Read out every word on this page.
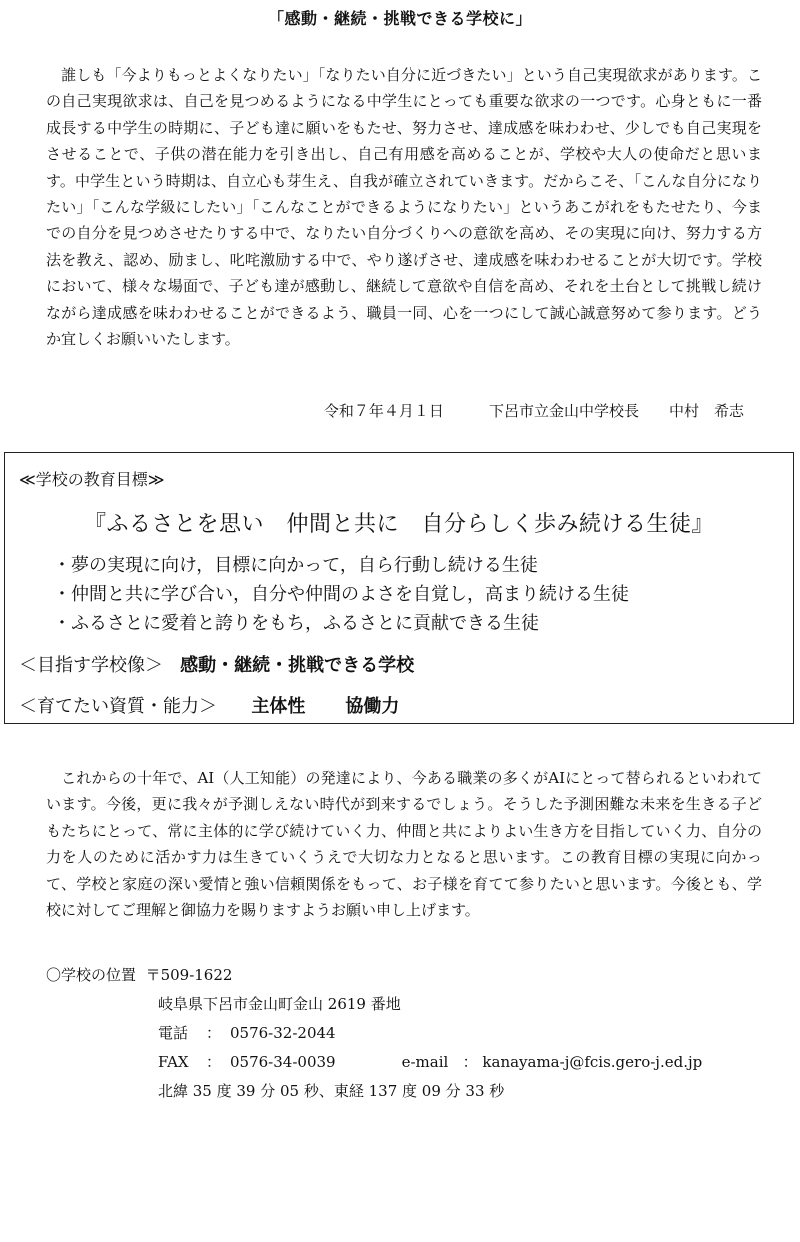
「感動・継続・挑戦できる学校に」
　誰しも「今よりもっとよくなりたい」「なりたい自分に近づきたい」という自己実現欲求があります。この自己実現欲求は、自己を見つめるようになる中学生にとっても重要な欲求の一つです。心身ともに一番成長する中学生の時期に、子ども達に願いをもたせ、努力させ、達成感を味わわせ、少しでも自己実現をさせることで、子供の潜在能力を引き出し、自己有用感を高めることが、学校や大人の使命だと思います。中学生という時期は、自立心も芽生え、自我が確立されていきます。だからこそ、「こんな自分になりたい」「こんな学級にしたい」「こんなことができるようになりたい」というあこがれをもたせたり、今までの自分を見つめさせたりする中で、なりたい自分づくりへの意欲を高め、その実現に向け、努力する方法を教え、認め、励まし、叱咤激励する中で、やり遂げさせ、達成感を味わわせることが大切です。学校において、様々な場面で、子ども達が感動し、継続して意欲や自信を高め、それを土台として挑戦し続けながら達成感を味わわせることができるよう、職員一同、心を一つにして誠心誠意努めて参ります。どうか宜しくお願いいたします。
令和７年４月１日　　　	下呂市立金山中学校長　　 中村　希志
≪学校の教育目標≫
『ふるさとを思い　仲間と共に　自分らしく歩み続ける生徒』
・夢の実現に向け，目標に向かって，自ら行動し続ける生徒
・仲間と共に学び合い，自分や仲間のよさを自覚し，高まり続ける生徒
・ふるさとに愛着と誇りをもち，ふるさとに貢献できる生徒
＜目指す学校像＞ 感動・継続・挑戦できる学校
＜育てたい資質・能力＞ 主体性 協働力
　これからの十年で、AI（人工知能）の発達により、今ある職業の多くがAIにとって替られるといわれています。今後，更に我々が予測しえない時代が到来するでしょう。そうした予測困難な未来を生きる子どもたちにとって、常に主体的に学び続けていく力、仲間と共によりよい生き方を目指していく力、自分の力を人のために活かす力は生きていくうえで大切な力となると思います。この教育目標の実現に向かって、学校と家庭の深い愛情と強い信頼関係をもって、お子様を育てて参りたいと思います。今後とも、学校に対してご理解と御協力を賜りますようお願い申し上げます。
〇学校の位置 〒509-1622
岐阜県下呂市金山町金山 2619 番地
電話 ： 0576-32-2044
FAX ： 0576-34-0039	e-mail ： kanayama-j@fcis.gero-j.ed.jp
北緯 35 度 39 分 05 秒、東経 137 度 09 分 33 秒
